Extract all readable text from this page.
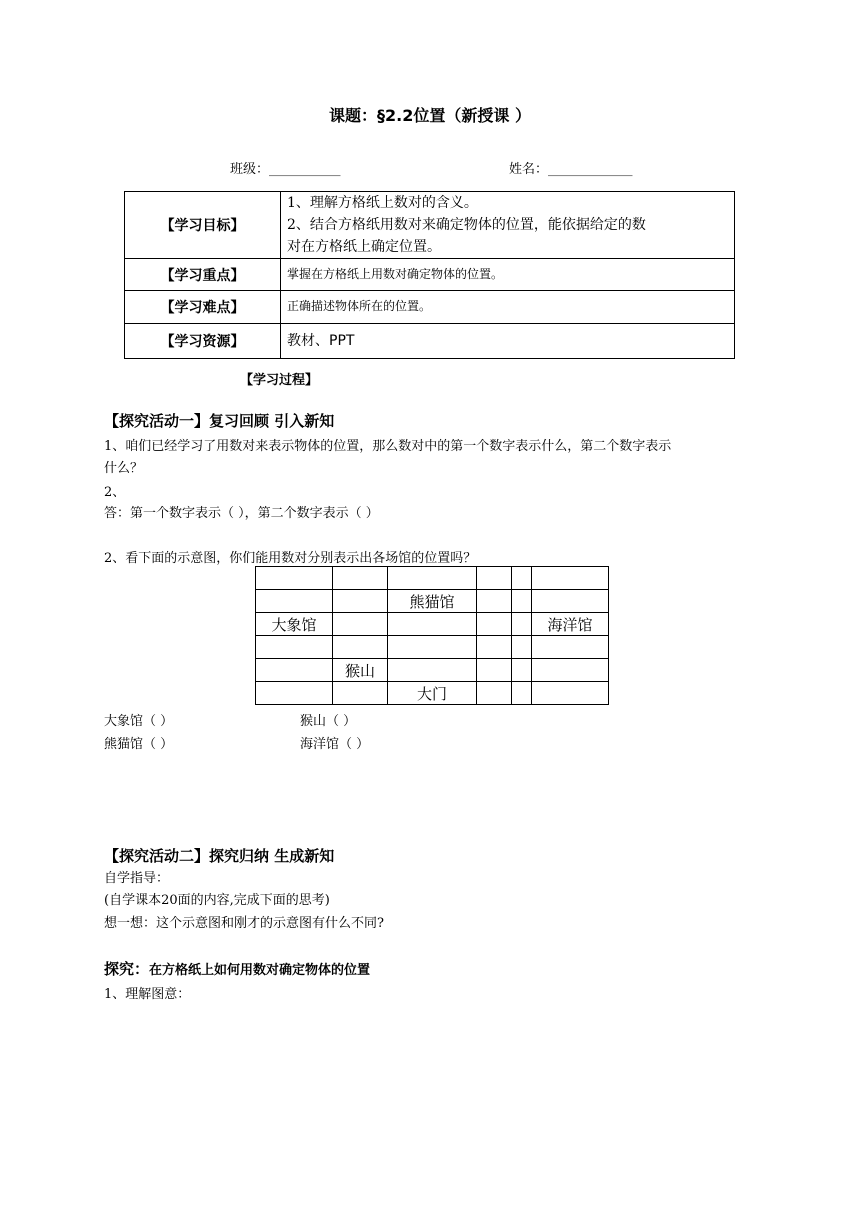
课题：§2.2位置（新授课 ）
班级：___________	姓名：_____________
【学习目标】	1、理解方格纸上数对的含义。
2、结合方格纸用数对来确定物体的位置，能依据给定的数
对在方格纸上确定位置。

【学习重点】	掌握在方格纸上用数对确定物体的位置。

【学习难点】	正确描述物体所在的位置。

【学习资源】	教材、PPT
【学习过程】
【探究活动一】复习回顾 引入新知
1、咱们已经学习了用数对来表示物体的位置，那么数对中的第一个数字表示什么，第二个数字表示
什么？
2、
答：第一个数字表示（ ），第二个数字表示（ ）
2、看下面的示意图，你们能用数对分别表示出各场馆的位置吗？

		熊猫馆			
大象馆					海洋馆

	猴山				
		大门			
大象馆（ ）	猴山（ ）
熊猫馆（ ）	海洋馆（ ）
【探究活动二】探究归纳 生成新知
自学指导：
(自学课本20面的内容,完成下面的思考)
想一想：这个示意图和刚才的示意图有什么不同?
探究：在方格纸上如何用数对确定物体的位置
1、理解图意：
